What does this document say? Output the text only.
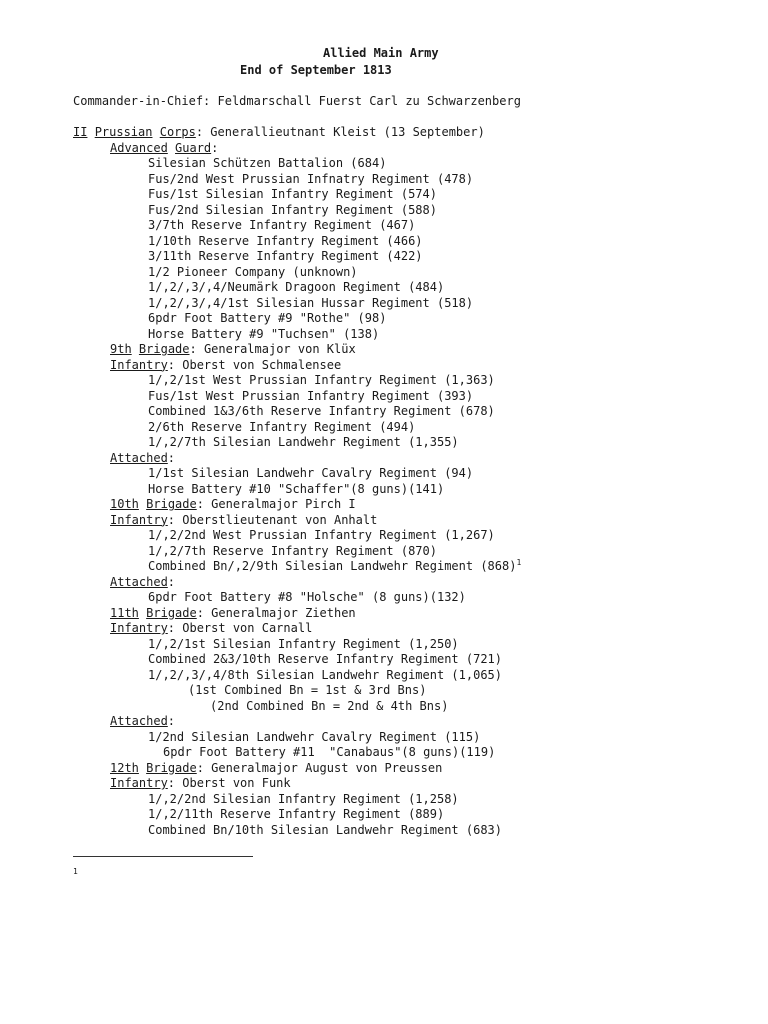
Allied Main Army
End of September 1813
Commander-in-Chief: Feldmarschall Fuerst Carl zu Schwarzenberg
II Prussian Corps: Generallieutnant Kleist (13 September)
Advanced Guard:
Silesian Schützen Battalion (684)
Fus/2nd West Prussian Infnatry Regiment (478)
Fus/1st Silesian Infantry Regiment (574)
Fus/2nd Silesian Infantry Regiment (588)
3/7th Reserve Infantry Regiment (467)
1/10th Reserve Infantry Regiment (466)
3/11th Reserve Infantry Regiment (422)
1/2 Pioneer Company (unknown)
1/,2/,3/,4/Neumärk Dragoon Regiment (484)
1/,2/,3/,4/1st Silesian Hussar Regiment (518)
6pdr Foot Battery #9 "Rothe" (98)
Horse Battery #9 "Tuchsen" (138)
9th Brigade: Generalmajor von Klüx
Infantry: Oberst von Schmalensee
1/,2/1st West Prussian Infantry Regiment (1,363)
Fus/1st West Prussian Infantry Regiment (393)
Combined 1&3/6th Reserve Infantry Regiment (678)
2/6th Reserve Infantry Regiment (494)
1/,2/7th Silesian Landwehr Regiment (1,355)
Attached:
1/1st Silesian Landwehr Cavalry Regiment (94)
Horse Battery #10 "Schaffer"(8 guns)(141)
10th Brigade: Generalmajor Pirch I
Infantry: Oberstlieutenant von Anhalt
1/,2/2nd West Prussian Infantry Regiment (1,267)
1/,2/7th Reserve Infantry Regiment (870)
Combined Bn/,2/9th Silesian Landwehr Regiment $(868)^1$
Attached:
6pdr Foot Battery #8 "Holsche" (8 guns)(132)
11th Brigade: Generalmajor Ziethen
Infantry: Oberst von Carnall
1/,2/1st Silesian Infantry Regiment (1,250)
Combined 2&3/10th Reserve Infantry Regiment (721)
1/,2/,3/,4/8th Silesian Landwehr Regiment (1,065)
(1st Combined Bn = 1st & 3rd Bns)
(2nd Combined Bn = 2nd & 4th Bns)
Attached:
1/2nd Silesian Landwehr Cavalry Regiment (115)
6pdr Foot Battery #11  "Canabaus"(8 guns)(119)
12th Brigade: Generalmajor August von Preussen
Infantry: Oberst von Funk
1/,2/2nd Silesian Infantry Regiment (1,258)
1/,2/11th Reserve Infantry Regiment (889)
Combined Bn/10th Silesian Landwehr Regiment (683)
1
